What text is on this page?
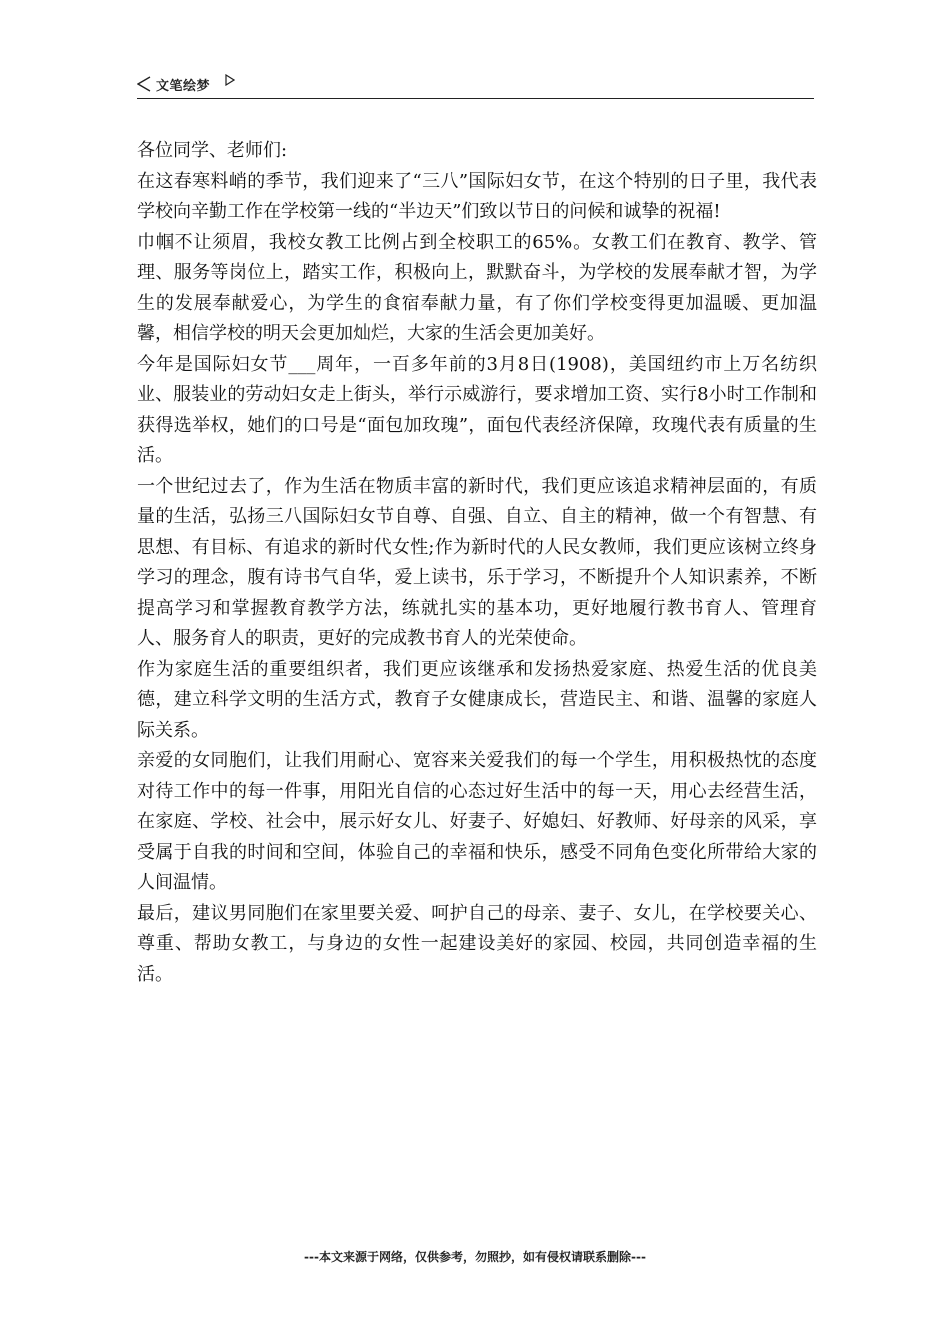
文笔绘梦

各位同学、老师们:

在这春寒料峭的季节，我们迎来了“三八”国际妇女节，在这个特别的日子里，我代表学校向辛勤工作在学校第一线的“半边天”们致以节日的问候和诚挚的祝福!

巾帼不让须眉，我校女教工比例占到全校职工的65%。女教工们在教育、教学、管理、服务等岗位上，踏实工作，积极向上，默默奋斗，为学校的发展奉献才智，为学生的发展奉献爱心，为学生的食宿奉献力量，有了你们学校变得更加温暖、更加温馨，相信学校的明天会更加灿烂，大家的生活会更加美好。

今年是国际妇女节___周年，一百多年前的3月8日(1908)，美国纽约市上万名纺织业、服装业的劳动妇女走上街头，举行示威游行，要求增加工资、实行8小时工作制和获得选举权，她们的口号是“面包加玫瑰”，面包代表经济保障，玫瑰代表有质量的生活。

一个世纪过去了，作为生活在物质丰富的新时代，我们更应该追求精神层面的，有质量的生活，弘扬三八国际妇女节自尊、自强、自立、自主的精神，做一个有智慧、有思想、有目标、有追求的新时代女性;作为新时代的人民女教师，我们更应该树立终身学习的理念，腹有诗书气自华，爱上读书，乐于学习，不断提升个人知识素养，不断提高学习和掌握教育教学方法，练就扎实的基本功，更好地履行教书育人、管理育人、服务育人的职责，更好的完成教书育人的光荣使命。

作为家庭生活的重要组织者，我们更应该继承和发扬热爱家庭、热爱生活的优良美德，建立科学文明的生活方式，教育子女健康成长，营造民主、和谐、温馨的家庭人际关系。

亲爱的女同胞们，让我们用耐心、宽容来关爱我们的每一个学生，用积极热忱的态度对待工作中的每一件事，用阳光自信的心态过好生活中的每一天，用心去经营生活，在家庭、学校、社会中，展示好女儿、好妻子、好媳妇、好教师、好母亲的风采，享受属于自我的时间和空间，体验自己的幸福和快乐，感受不同角色变化所带给大家的人间温情。

最后，建议男同胞们在家里要关爱、呵护自己的母亲、妻子、女儿，在学校要关心、尊重、帮助女教工，与身边的女性一起建设美好的家园、校园，共同创造幸福的生活。

---本文来源于网络，仅供参考，勿照抄，如有侵权请联系删除---
